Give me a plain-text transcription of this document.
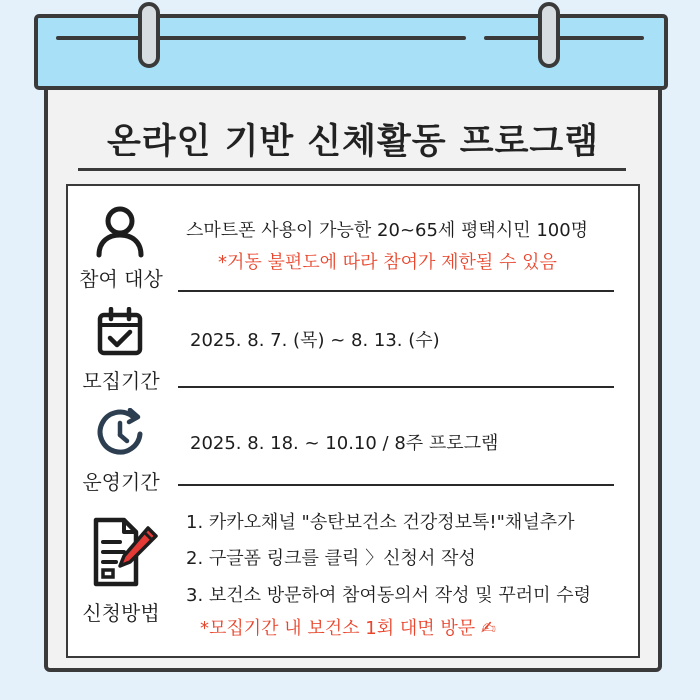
온라인 기반 신체활동 프로그램
참여 대상
스마트폰 사용이 가능한 20~65세 평택시민 100명
*거동 불편도에 따라 참여가 제한될 수 있음
모집기간
2025. 8. 7. (목) ~ 8. 13. (수)
운영기간
2025. 8. 18. ~ 10.10 / 8주 프로그램
신청방법
1. 카카오채널 "송탄보건소 건강정보톡!"채널추가
2. 구글폼 링크를 클릭 〉신청서 작성
3. 보건소 방문하여 참여동의서 작성 및 꾸러미 수령
*모집기간 내 보건소 1회 대면 방문 ✍
